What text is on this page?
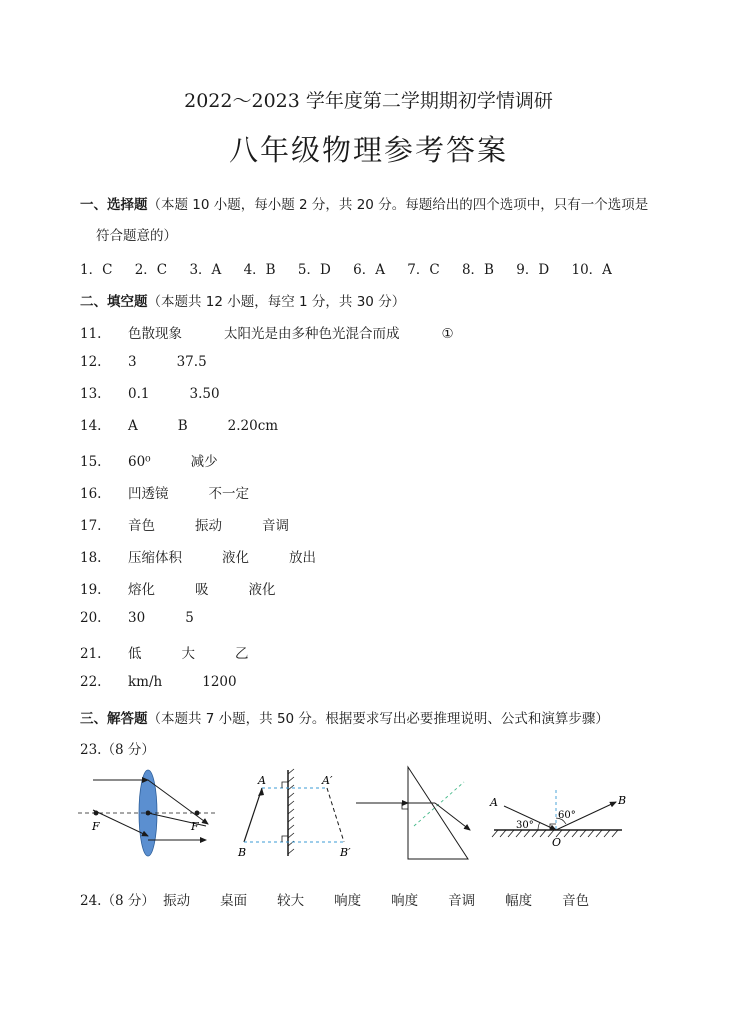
2022～2023 学年度第二学期期初学情调研
八年级物理参考答案
一、选择题（本题 10 小题，每小题 2 分，共 20 分。每题给出的四个选项中，只有一个选项是
符合题意的）
1．C 2．C 3．A 4．B 5．D 6．A 7．C 8．B 9．D 10．A
二、填空题（本题共 12 小题，每空 1 分，共 30 分）
11. 色散现象	太阳光是由多种色光混合而成	①
12. 3	37.5
13. 0.1	3.50
14. A	B	2.20cm
15. 60⁰	减少
16. 凹透镜	不一定
17. 音色	振动	音调
18. 压缩体积	液化	放出
19. 熔化	吸	液化
20. 30	5
21. 低	大	乙
22. km/h	1200
三、解答题（本题共 7 小题，共 50 分。根据要求写出必要推理说明、公式和演算步骤）
23.（8 分）
F	F
A	A′
B	B′
A	B
O
30°
60°
24.（8 分） 振动 桌面 较大 响度 响度 音调 幅度 音色
